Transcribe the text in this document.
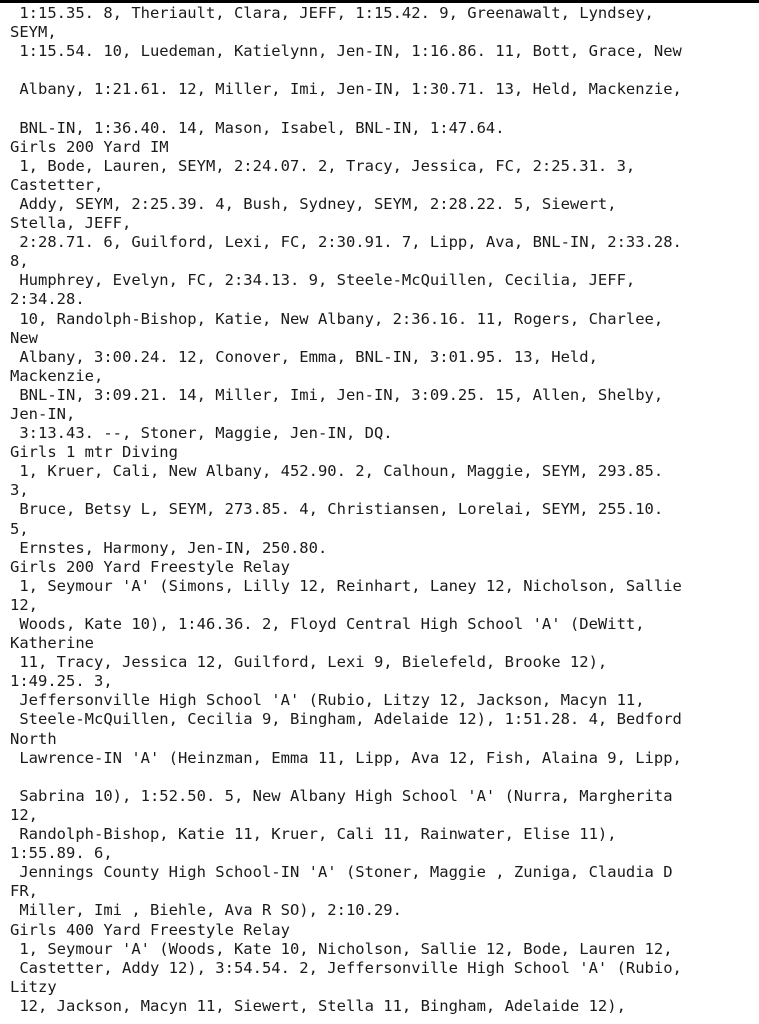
1:15.35. 8, Theriault, Clara, JEFF, 1:15.42. 9, Greenawalt, Lyndsey,
SEYM,
1:15.54. 10, Luedeman, Katielynn, Jen-IN, 1:16.86. 11, Bott, Grace, New
Albany, 1:21.61. 12, Miller, Imi, Jen-IN, 1:30.71. 13, Held, Mackenzie,
BNL-IN, 1:36.40. 14, Mason, Isabel, BNL-IN, 1:47.64.
Girls 200 Yard IM
1, Bode, Lauren, SEYM, 2:24.07. 2, Tracy, Jessica, FC, 2:25.31. 3,
Castetter,
Addy, SEYM, 2:25.39. 4, Bush, Sydney, SEYM, 2:28.22. 5, Siewert,
Stella, JEFF,
2:28.71. 6, Guilford, Lexi, FC, 2:30.91. 7, Lipp, Ava, BNL-IN, 2:33.28.
8,
Humphrey, Evelyn, FC, 2:34.13. 9, Steele-McQuillen, Cecilia, JEFF,
2:34.28.
10, Randolph-Bishop, Katie, New Albany, 2:36.16. 11, Rogers, Charlee,
New
Albany, 3:00.24. 12, Conover, Emma, BNL-IN, 3:01.95. 13, Held,
Mackenzie,
BNL-IN, 3:09.21. 14, Miller, Imi, Jen-IN, 3:09.25. 15, Allen, Shelby,
Jen-IN,
3:13.43. --, Stoner, Maggie, Jen-IN, DQ.
Girls 1 mtr Diving
1, Kruer, Cali, New Albany, 452.90. 2, Calhoun, Maggie, SEYM, 293.85.
3,
Bruce, Betsy L, SEYM, 273.85. 4, Christiansen, Lorelai, SEYM, 255.10.
5,
Ernstes, Harmony, Jen-IN, 250.80.
Girls 200 Yard Freestyle Relay
1, Seymour 'A' (Simons, Lilly 12, Reinhart, Laney 12, Nicholson, Sallie
12,
Woods, Kate 10), 1:46.36. 2, Floyd Central High School 'A' (DeWitt,
Katherine
11, Tracy, Jessica 12, Guilford, Lexi 9, Bielefeld, Brooke 12),
1:49.25. 3,
Jeffersonville High School 'A' (Rubio, Litzy 12, Jackson, Macyn 11,
Steele-McQuillen, Cecilia 9, Bingham, Adelaide 12), 1:51.28. 4, Bedford
North
Lawrence-IN 'A' (Heinzman, Emma 11, Lipp, Ava 12, Fish, Alaina 9, Lipp,
Sabrina 10), 1:52.50. 5, New Albany High School 'A' (Nurra, Margherita
12,
Randolph-Bishop, Katie 11, Kruer, Cali 11, Rainwater, Elise 11),
1:55.89. 6,
Jennings County High School-IN 'A' (Stoner, Maggie , Zuniga, Claudia D
FR,
Miller, Imi , Biehle, Ava R SO), 2:10.29.
Girls 400 Yard Freestyle Relay
1, Seymour 'A' (Woods, Kate 10, Nicholson, Sallie 12, Bode, Lauren 12,
Castetter, Addy 12), 3:54.54. 2, Jeffersonville High School 'A' (Rubio,
Litzy
12, Jackson, Macyn 11, Siewert, Stella 11, Bingham, Adelaide 12),
